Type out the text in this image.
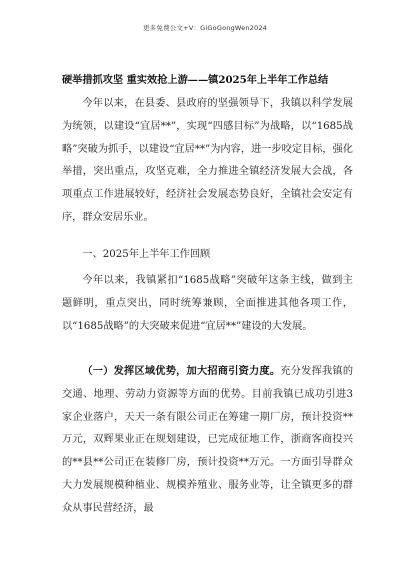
更多免费公文+V：GiGoGongWen2024
硬举措抓攻坚 重实效抢上游——镇2025年上半年工作总结

今年以来，在县委、县政府的坚强领导下，我镇以科学发展为统领，以建设“宜居**”，实现“四感目标”为战略，以“1685战略”突破为抓手，以建设“宜居**”为内容，进一步咬定目标，强化举措，突出重点，攻坚克难，全力推进全镇经济发展大会战，各项重点工作进展较好，经济社会发展态势良好，全镇社会安定有序，群众安居乐业。

一、2025年上半年工作回顾

今年以来，我镇紧扣“1685战略”突破年这条主线，做到主题鲜明，重点突出，同时统筹兼顾，全面推进其他各项工作，以“1685战略”的大突破来促进“宜居**”建设的大发展。

（一）发挥区域优势，加大招商引资力度。充分发挥我镇的交通、地理、劳动力资源等方面的优势。目前我镇已成功引进3家企业落户，天天一条有限公司正在筹建一期厂房，预计投资**万元，双辉果业正在规划建设，已完成征地工作，浙商客商投兴的**县**公司正在装修厂房，预计投资**万元。一方面引导群众大力发展规模种植业、规模养殖业、服务业等，让全镇更多的群众从事民营经济，最
